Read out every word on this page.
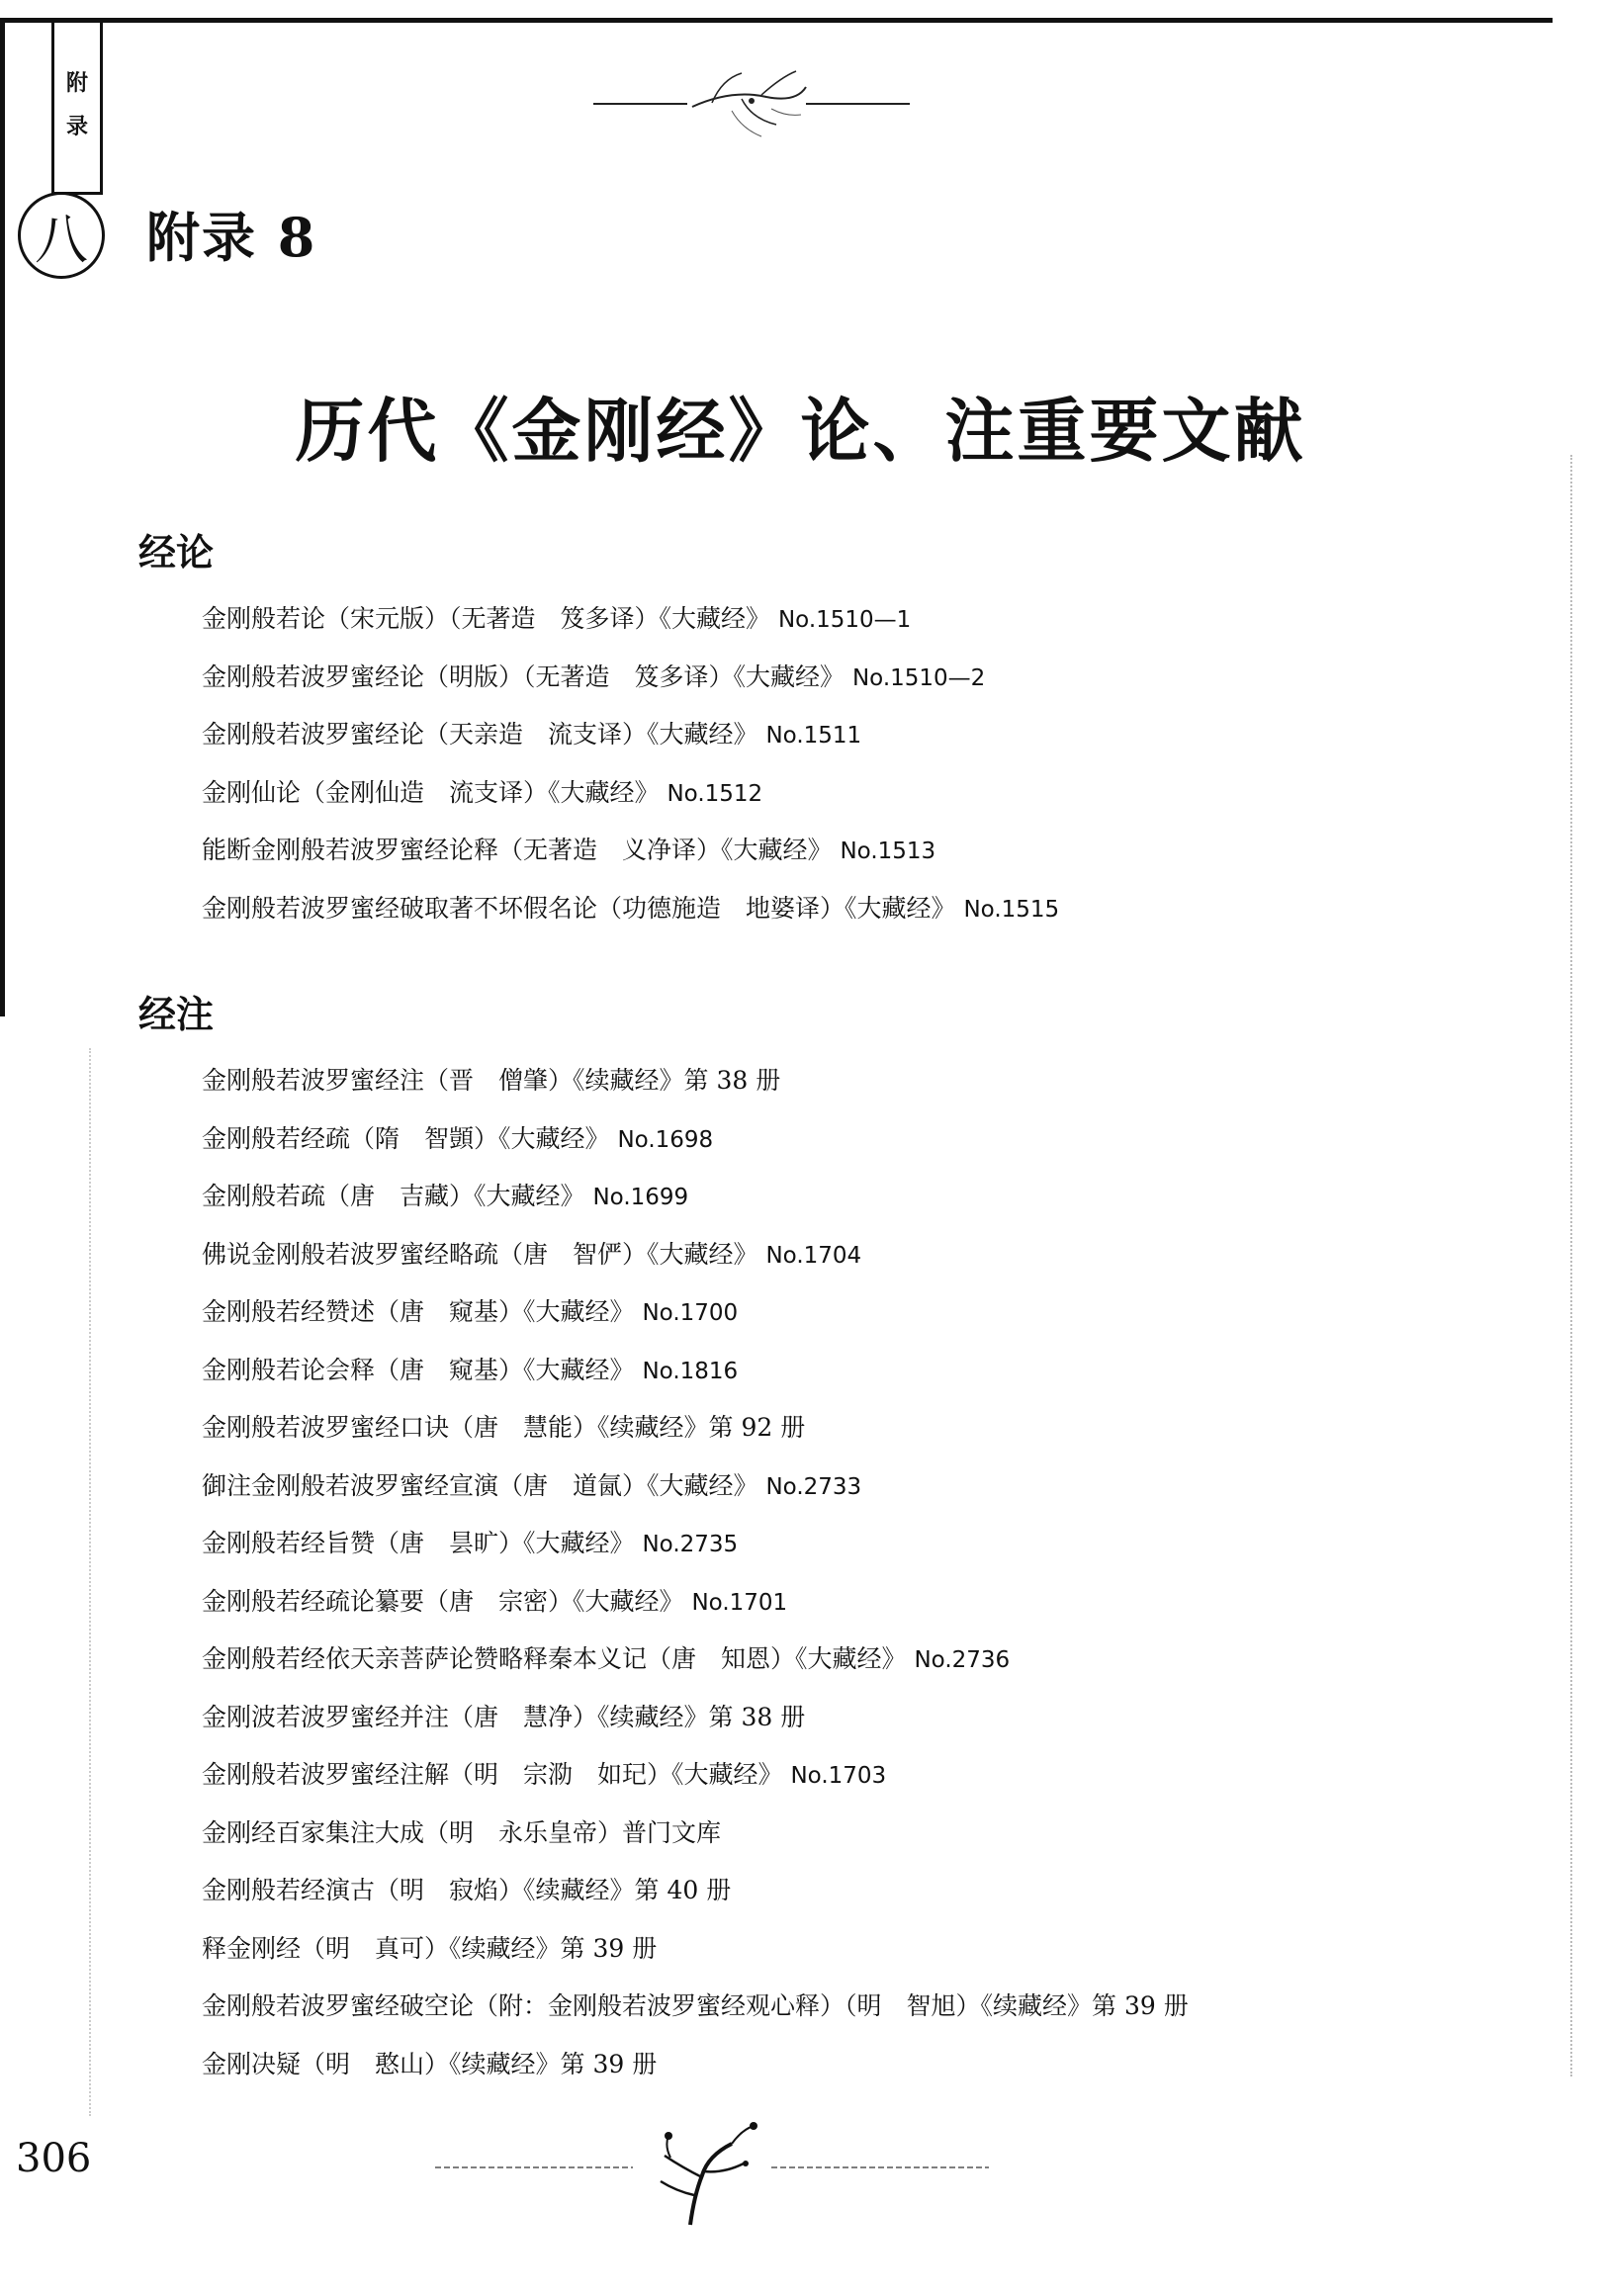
附
录
八	附录 8
历代《金刚经》论、注重要文献
经论
金刚般若论（宋元版）（无著造　笈多译）《大藏经》 No.1510—1
金刚般若波罗蜜经论（明版）（无著造　笈多译）《大藏经》 No.1510—2
金刚般若波罗蜜经论（天亲造　流支译）《大藏经》 No.1511
金刚仙论（金刚仙造　流支译）《大藏经》 No.1512
能断金刚般若波罗蜜经论释（无著造　义净译）《大藏经》 No.1513
金刚般若波罗蜜经破取著不坏假名论（功德施造　地婆译）《大藏经》 No.1515
经注
金刚般若波罗蜜经注（晋　僧肇）《续藏经》第 38 册
金刚般若经疏（隋　智顗）《大藏经》 No.1698
金刚般若疏（唐　吉藏）《大藏经》 No.1699
佛说金刚般若波罗蜜经略疏（唐　智俨）《大藏经》 No.1704
金刚般若经赞述（唐　窥基）《大藏经》 No.1700
金刚般若论会释（唐　窥基）《大藏经》 No.1816
金刚般若波罗蜜经口诀（唐　慧能）《续藏经》第 92 册
御注金刚般若波罗蜜经宣演（唐　道氤）《大藏经》 No.2733
金刚般若经旨赞（唐　昙旷）《大藏经》 No.2735
金刚般若经疏论纂要（唐　宗密）《大藏经》 No.1701
金刚般若经依天亲菩萨论赞略释秦本义记（唐　知恩）《大藏经》 No.2736
金刚波若波罗蜜经并注（唐　慧净）《续藏经》第 38 册
金刚般若波罗蜜经注解（明　宗泐　如玘）《大藏经》 No.1703
金刚经百家集注大成（明　永乐皇帝）普门文库
金刚般若经演古（明　寂焰）《续藏经》第 40 册
释金刚经（明　真可）《续藏经》第 39 册
金刚般若波罗蜜经破空论（附：金刚般若波罗蜜经观心释）（明　智旭）《续藏经》第 39 册
金刚决疑（明　憨山）《续藏经》第 39 册
306
